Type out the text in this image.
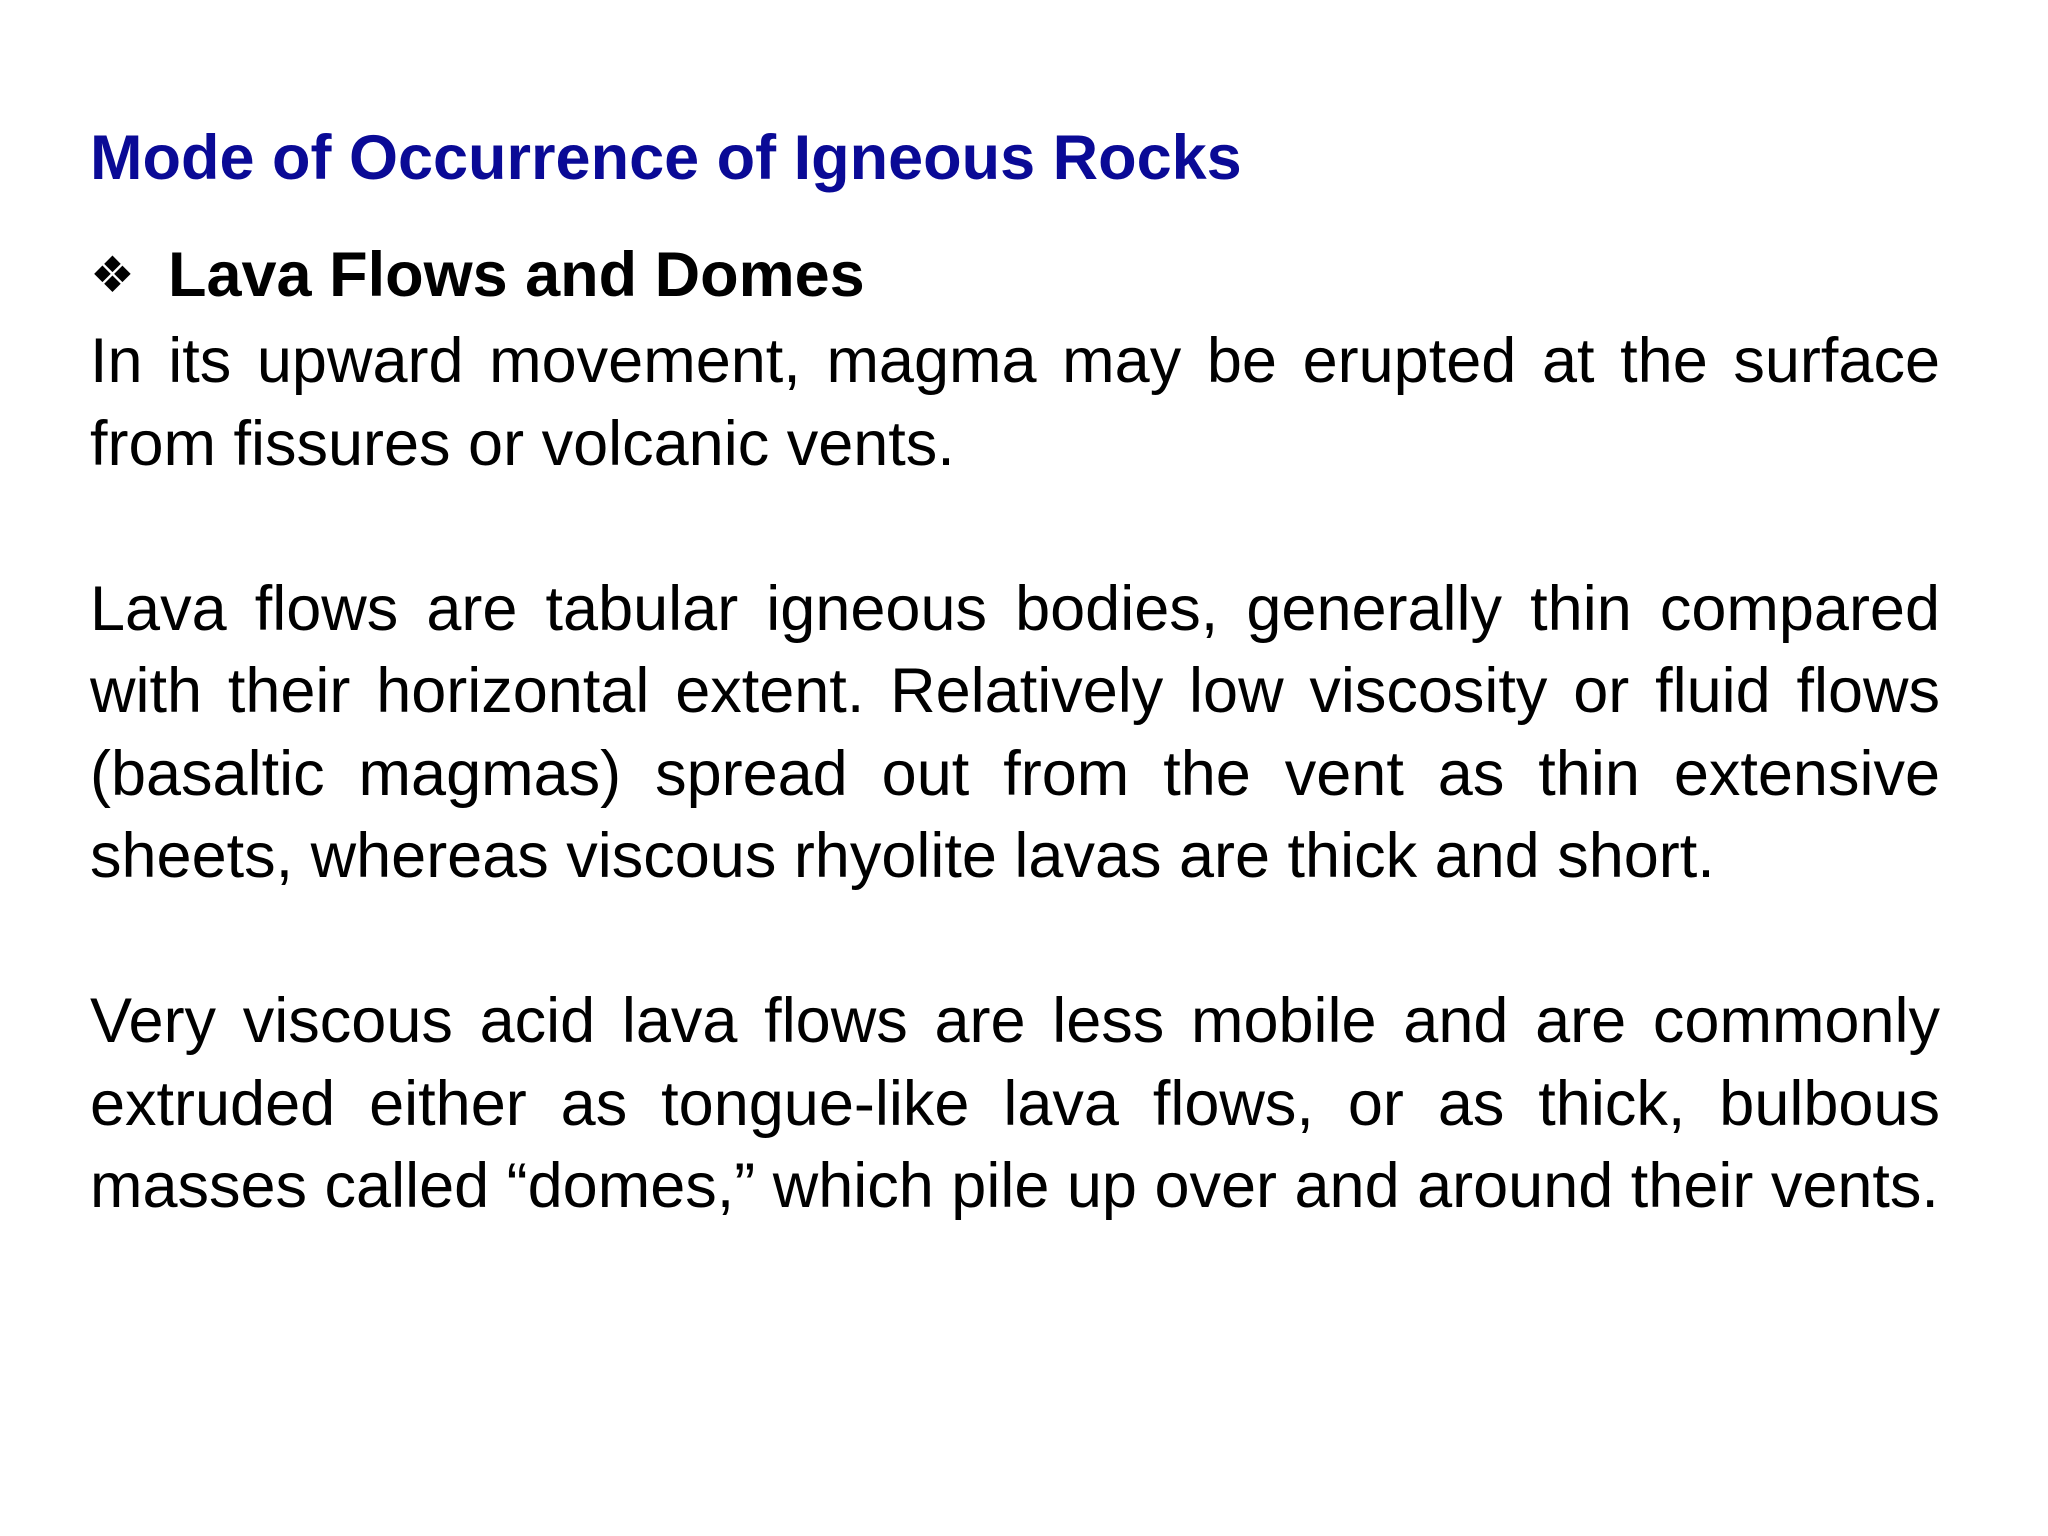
Mode of Occurrence of Igneous Rocks
❖ Lava Flows and Domes

In its upward movement, magma may be erupted at the surface from fissures or volcanic vents.

Lava flows are tabular igneous bodies, generally thin compared with their horizontal extent. Relatively low viscosity or fluid flows (basaltic magmas) spread out from the vent as thin extensive sheets, whereas viscous rhyolite lavas are thick and short.

Very viscous acid lava flows are less mobile and are commonly extruded either as tongue-like lava flows, or as thick, bulbous masses called “domes,” which pile up over and around their vents.
